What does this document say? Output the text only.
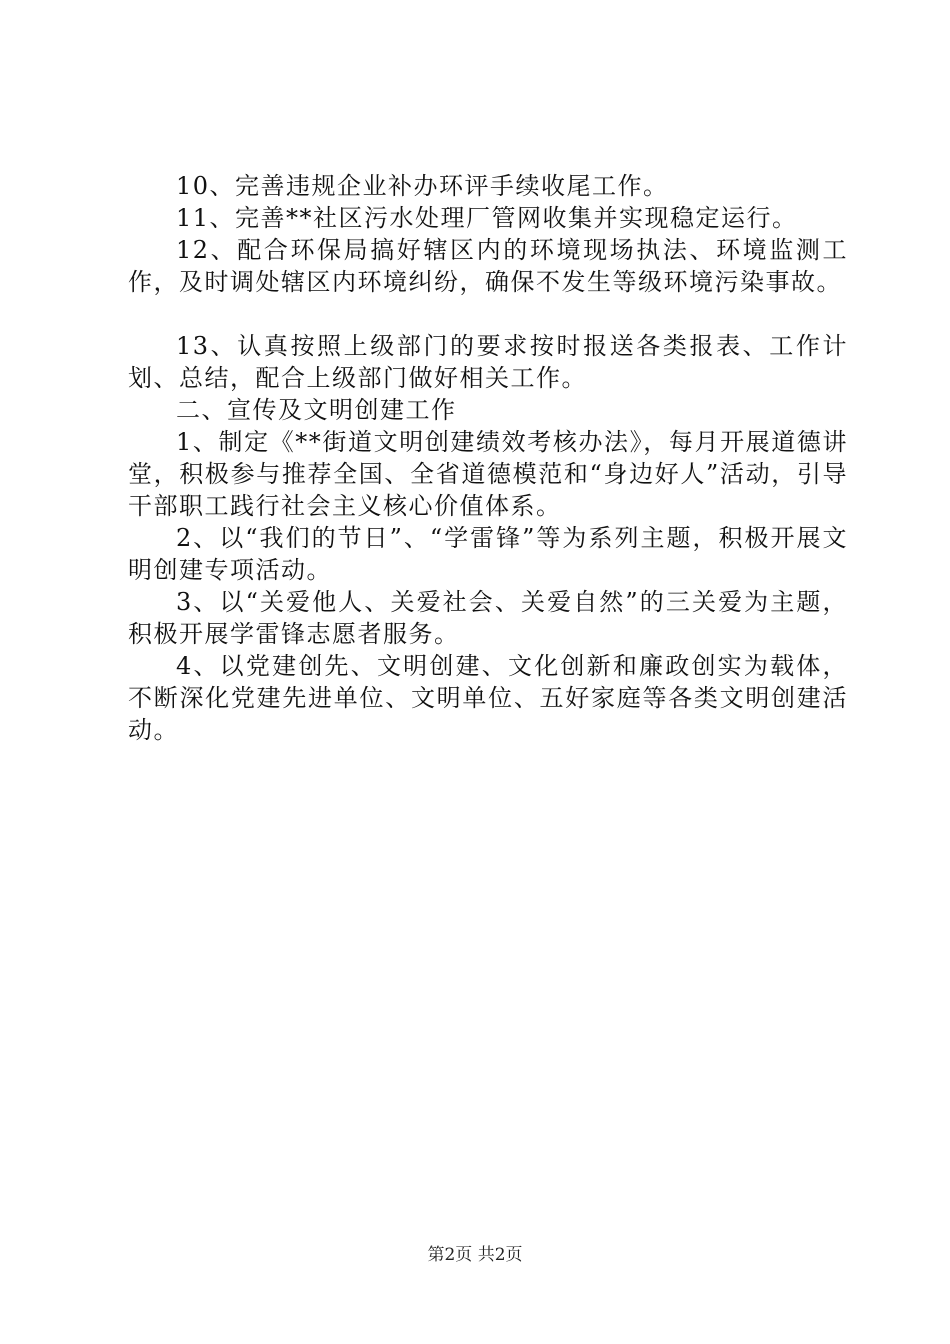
10、完善违规企业补办环评手续收尾工作。

11、完善**社区污水处理厂管网收集并实现稳定运行。

12、配合环保局搞好辖区内的环境现场执法、环境监测工作，及时调处辖区内环境纠纷，确保不发生等级环境污染事故。

13、认真按照上级部门的要求按时报送各类报表、工作计划、总结，配合上级部门做好相关工作。

二、宣传及文明创建工作

1、制定《**街道文明创建绩效考核办法》，每月开展道德讲堂，积极参与推荐全国、全省道德模范和“身边好人”活动，引导干部职工践行社会主义核心价值体系。

2、以“我们的节日”、“学雷锋”等为系列主题，积极开展文明创建专项活动。

3、以“关爱他人、关爱社会、关爱自然”的三关爱为主题，积极开展学雷锋志愿者服务。

4、以党建创先、文明创建、文化创新和廉政创实为载体，不断深化党建先进单位、文明单位、五好家庭等各类文明创建活动。

第2页 共2页
